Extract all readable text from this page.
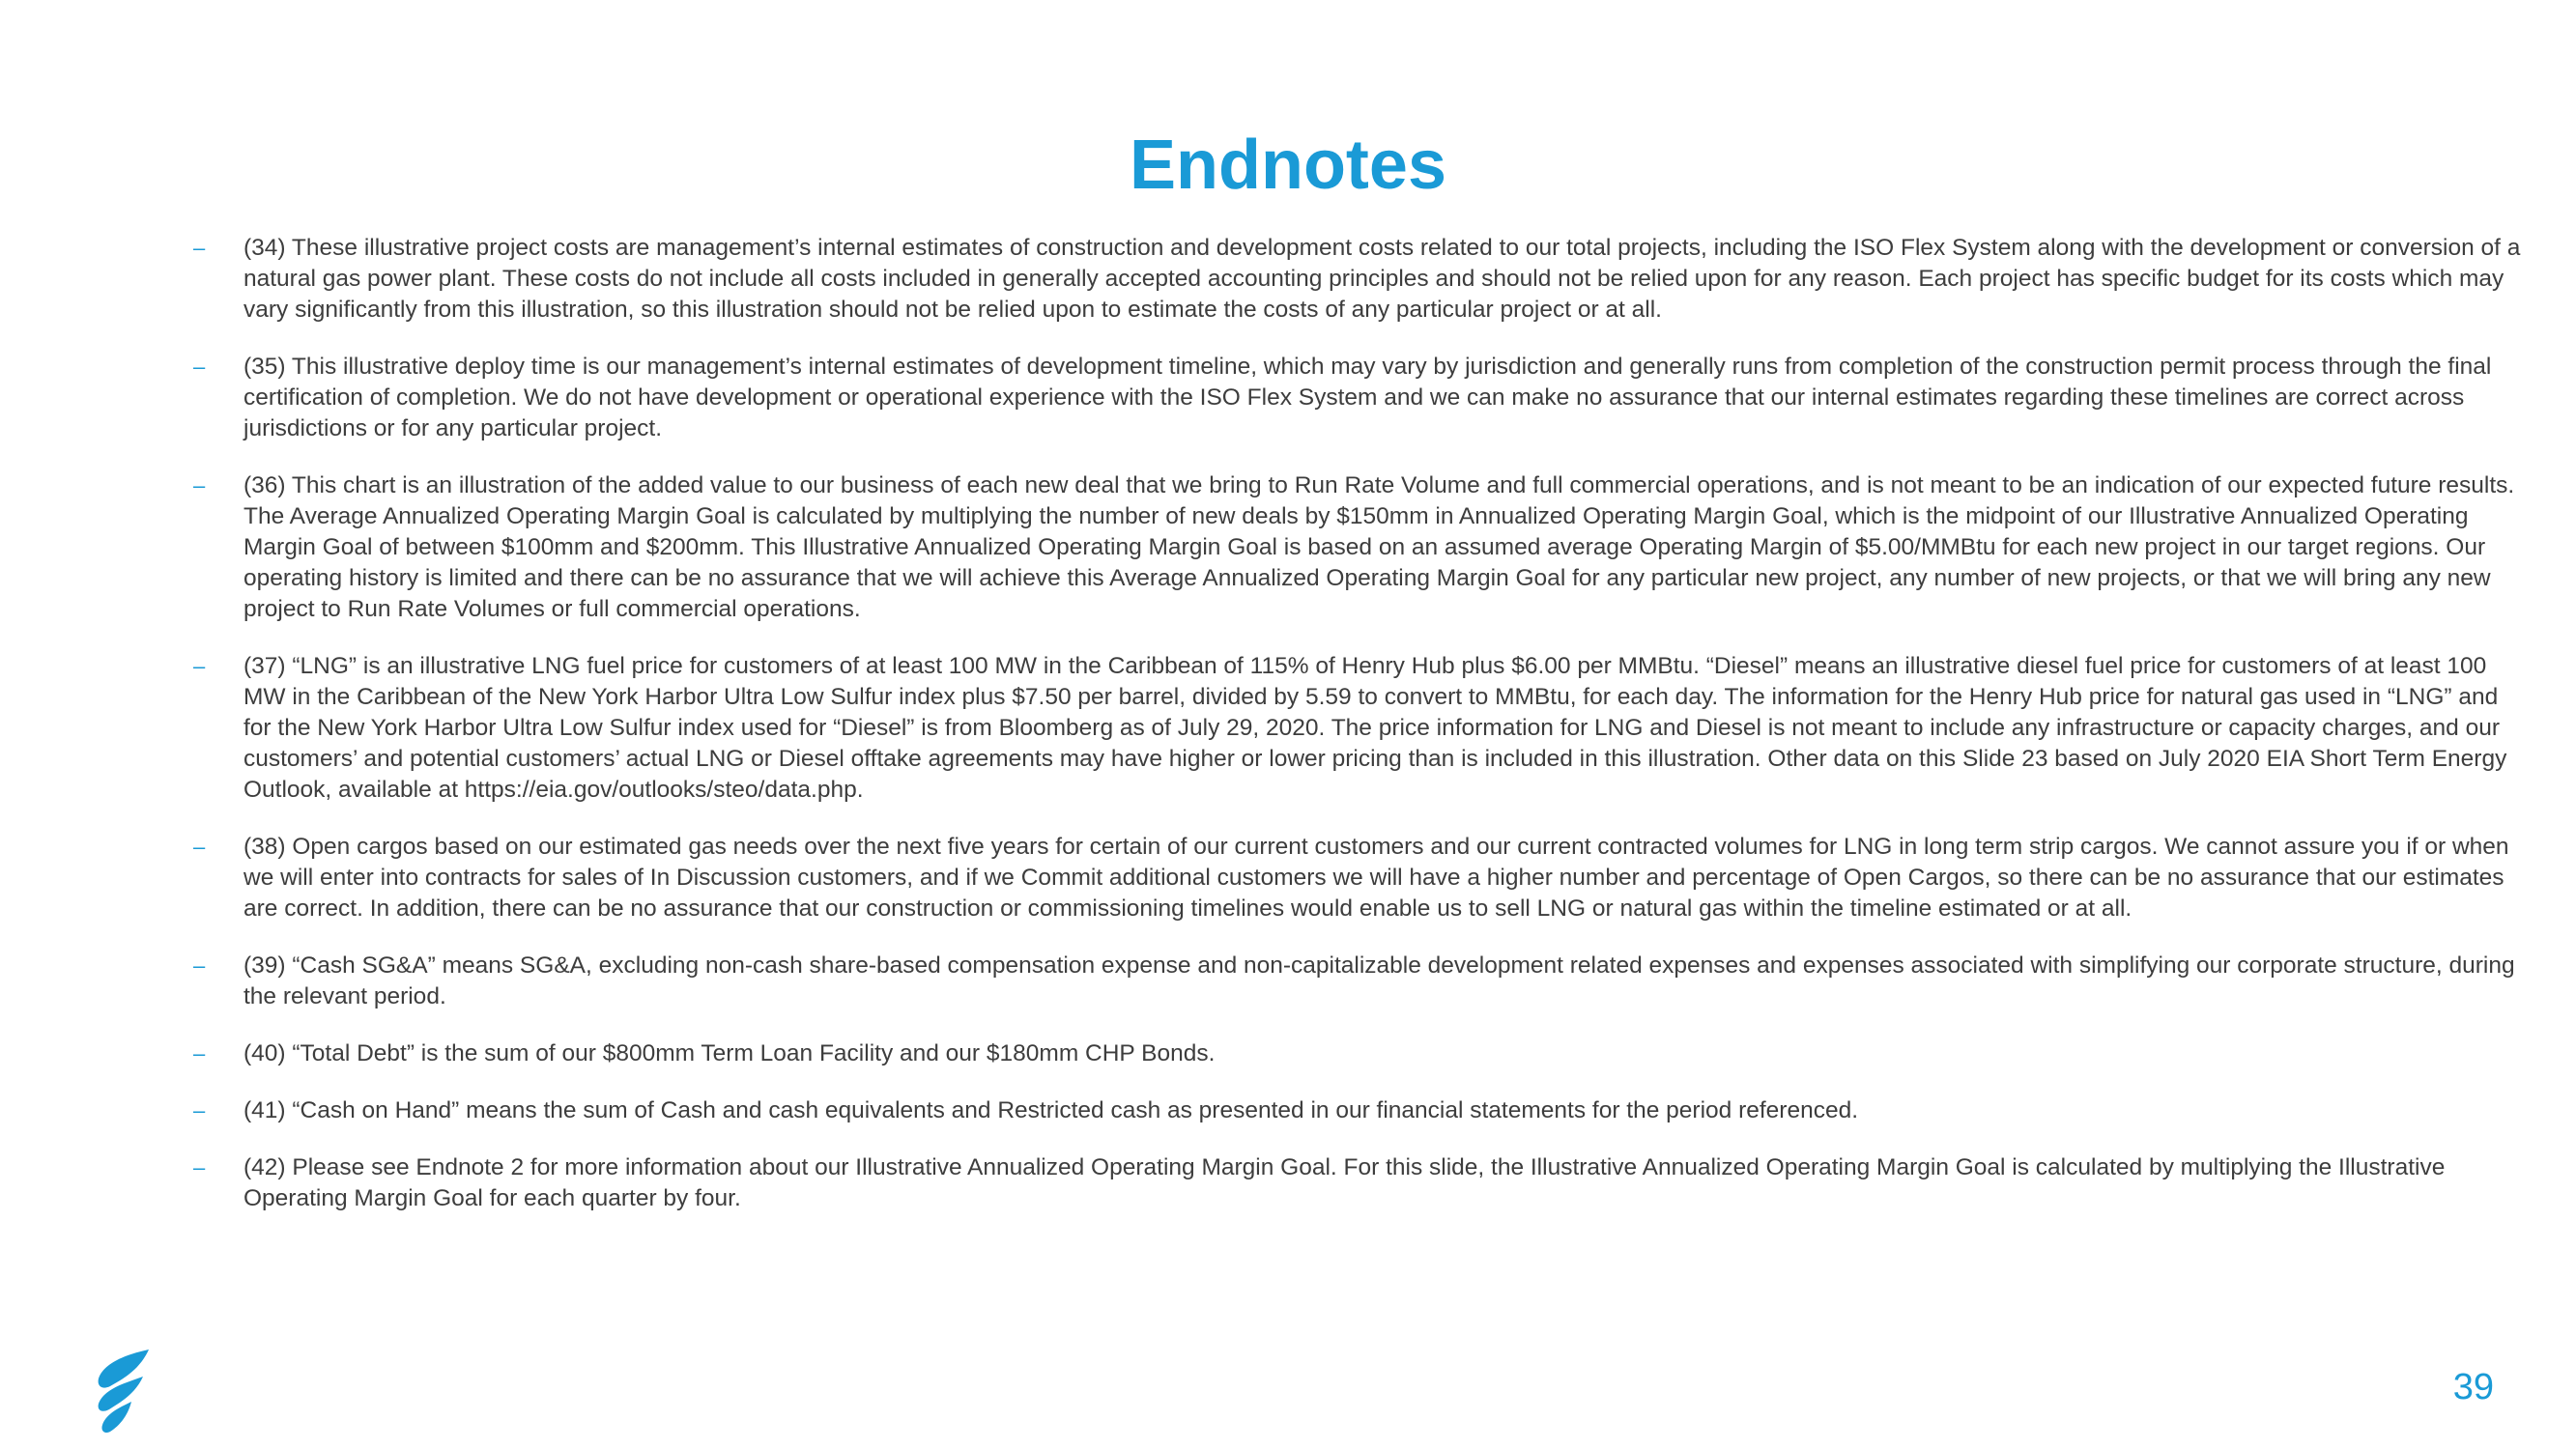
Endnotes
– (34) These illustrative project costs are management’s internal estimates of construction and development costs related to our total projects, including the ISO Flex System along with the development or conversion of a natural gas power plant. These costs do not include all costs included in generally accepted accounting principles and should not be relied upon for any reason. Each project has specific budget for its costs which may vary significantly from this illustration, so this illustration should not be relied upon to estimate the costs of any particular project or at all.
– (35) This illustrative deploy time is our management’s internal estimates of development timeline, which may vary by jurisdiction and generally runs from completion of the construction permit process through the final certification of completion. We do not have development or operational experience with the ISO Flex System and we can make no assurance that our internal estimates regarding these timelines are correct across jurisdictions or for any particular project.
– (36) This chart is an illustration of the added value to our business of each new deal that we bring to Run Rate Volume and full commercial operations, and is not meant to be an indication of our expected future results. The Average Annualized Operating Margin Goal is calculated by multiplying the number of new deals by $150mm in Annualized Operating Margin Goal, which is the midpoint of our Illustrative Annualized Operating Margin Goal of between $100mm and $200mm. This Illustrative Annualized Operating Margin Goal is based on an assumed average Operating Margin of $5.00/MMBtu for each new project in our target regions. Our operating history is limited and there can be no assurance that we will achieve this Average Annualized Operating Margin Goal for any particular new project, any number of new projects, or that we will bring any new project to Run Rate Volumes or full commercial operations.
– (37) “LNG” is an illustrative LNG fuel price for customers of at least 100 MW in the Caribbean of 115% of Henry Hub plus $6.00 per MMBtu. “Diesel” means an illustrative diesel fuel price for customers of at least 100 MW in the Caribbean of the New York Harbor Ultra Low Sulfur index plus $7.50 per barrel, divided by 5.59 to convert to MMBtu, for each day. The information for the Henry Hub price for natural gas used in “LNG” and for the New York Harbor Ultra Low Sulfur index used for “Diesel” is from Bloomberg as of July 29, 2020. The price information for LNG and Diesel is not meant to include any infrastructure or capacity charges, and our customers’ and potential customers’ actual LNG or Diesel offtake agreements may have higher or lower pricing than is included in this illustration. Other data on this Slide 23 based on July 2020 EIA Short Term Energy Outlook, available at https://eia.gov/outlooks/steo/data.php.
– (38) Open cargos based on our estimated gas needs over the next five years for certain of our current customers and our current contracted volumes for LNG in long term strip cargos. We cannot assure you if or when we will enter into contracts for sales of In Discussion customers, and if we Commit additional customers we will have a higher number and percentage of Open Cargos, so there can be no assurance that our estimates are correct. In addition, there can be no assurance that our construction or commissioning timelines would enable us to sell LNG or natural gas within the timeline estimated or at all.
– (39) “Cash SG&A” means SG&A, excluding non-cash share-based compensation expense and non-capitalizable development related expenses and expenses associated with simplifying our corporate structure, during the relevant period.
– (40) “Total Debt” is the sum of our $800mm Term Loan Facility and our $180mm CHP Bonds.
– (41) “Cash on Hand” means the sum of Cash and cash equivalents and Restricted cash as presented in our financial statements for the period referenced.
– (42) Please see Endnote 2 for more information about our Illustrative Annualized Operating Margin Goal. For this slide, the Illustrative Annualized Operating Margin Goal is calculated by multiplying the Illustrative Operating Margin Goal for each quarter by four.
39
